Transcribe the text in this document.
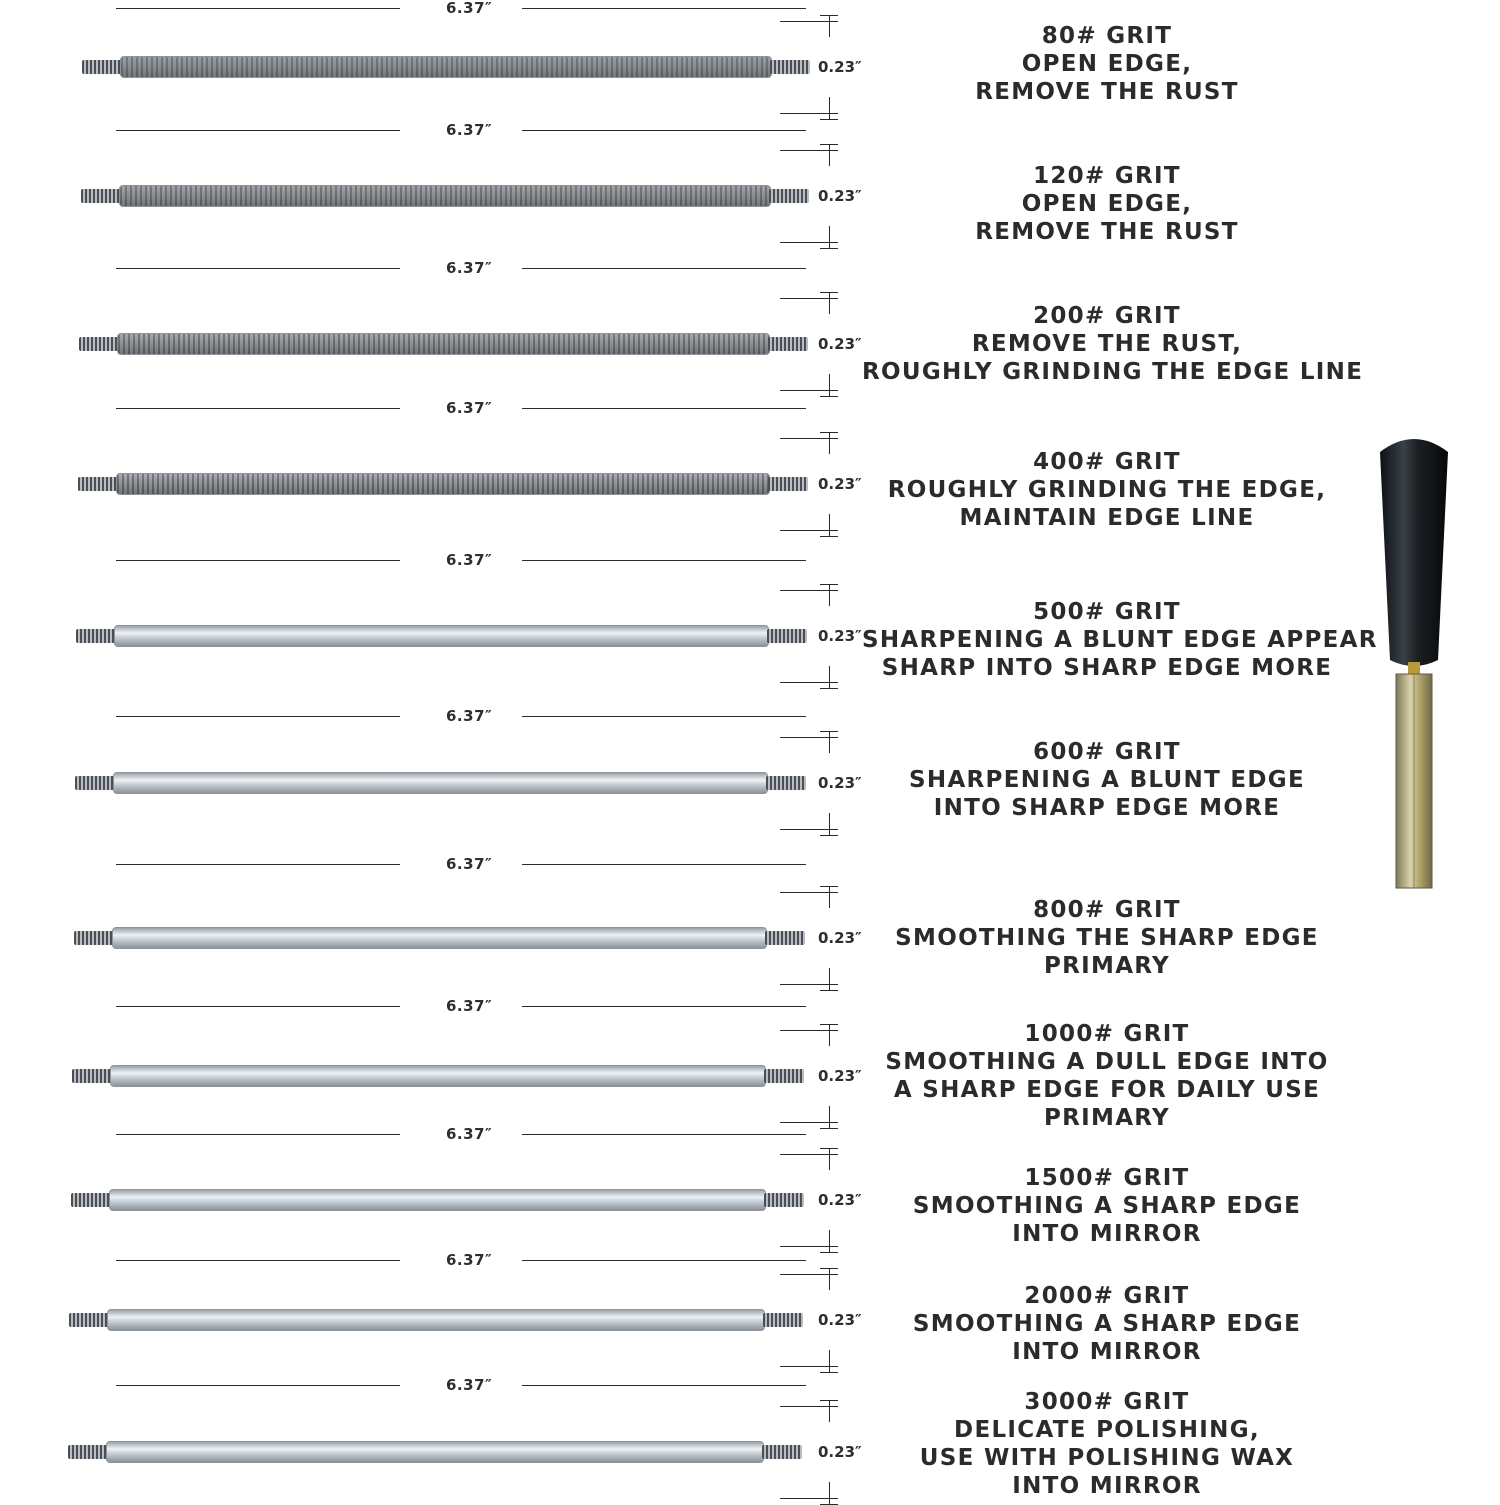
6.37″
0.23″
80# GRIT
OPEN EDGE,
REMOVE THE RUST
6.37″
0.23″
120# GRIT
OPEN EDGE,
REMOVE THE RUST
6.37″
0.23″
200# GRIT
REMOVE THE RUST,
ROUGHLY GRINDING THE EDGE LINE
6.37″
0.23″
400# GRIT
ROUGHLY GRINDING THE EDGE,
MAINTAIN EDGE LINE
6.37″
0.23″
500# GRIT
SHARPENING A BLUNT EDGE APPEAR
SHARP INTO SHARP EDGE MORE
6.37″
0.23″
600# GRIT
SHARPENING A BLUNT EDGE
INTO SHARP EDGE MORE
6.37″
0.23″
800# GRIT
SMOOTHING THE SHARP EDGE
PRIMARY
6.37″
0.23″
1000# GRIT
SMOOTHING A DULL EDGE INTO
A SHARP EDGE FOR DAILY USE
PRIMARY
6.37″
0.23″
1500# GRIT
SMOOTHING A SHARP EDGE
INTO MIRROR
6.37″
0.23″
2000# GRIT
SMOOTHING A SHARP EDGE
INTO MIRROR
6.37″
0.23″
3000# GRIT
DELICATE POLISHING,
USE WITH POLISHING WAX
INTO MIRROR
